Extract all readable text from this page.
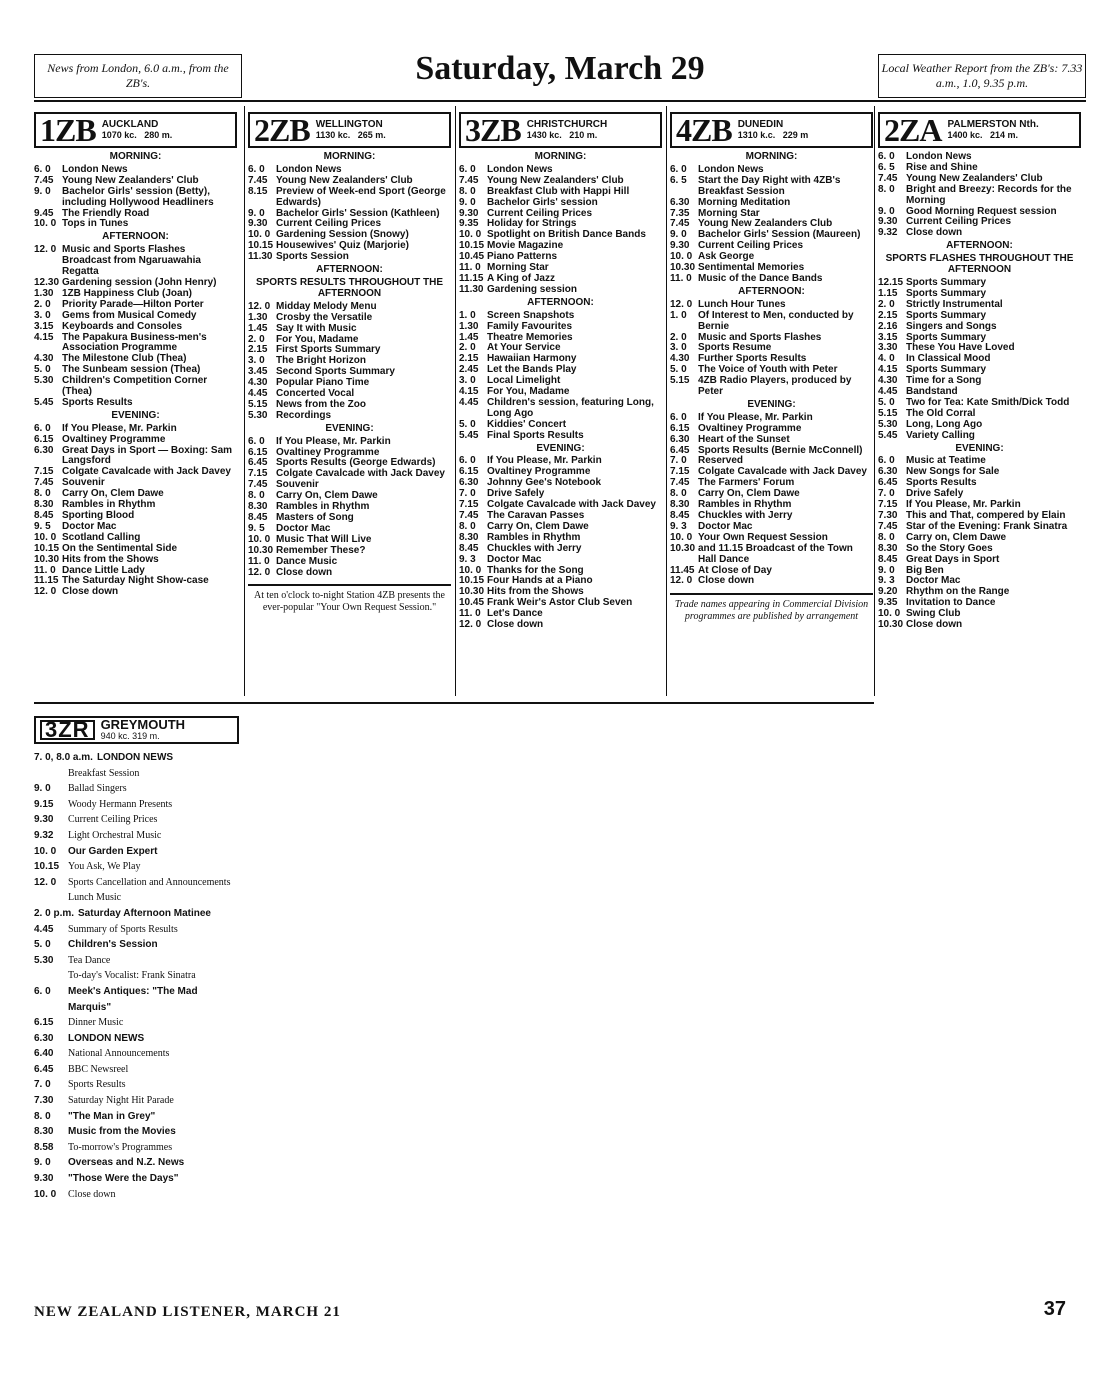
News from London, 6.0 a.m., from the ZB's.	Saturday, March 29	Local Weather Report from the ZB's: 7.33 a.m., 1.0, 9.35 p.m.
1ZB AUCKLAND
1070 kc. 280 m.
MORNING:
6. 0	London News
7.45 Young New Zealanders' Club
9. 0	Bachelor Girls' session (Betty), including Hollywood Headliners
9.45 The Friendly Road
10. 0 Tops in Tunes
AFTERNOON:
12. 0 Music and Sports Flashes Broadcast from Ngaruawahia Regatta
12.30 Gardening session (John Henry)
1.30 1ZB Happiness Club (Joan)
2. 0	Priority Parade—Hilton Porter
3. 0	Gems from Musical Comedy
3.15 Keyboards and Consoles
4.15 The Papakura Business-men's Association Programme
4.30 The Milestone Club (Thea)
5. 0	The Sunbeam session (Thea)
5.30 Children's Competition Corner (Thea)
5.45 Sports Results
EVENING:
6. 0	If You Please, Mr. Parkin
6.15 Ovaltiney Programme
6.30 Great Days in Sport — Boxing: Sam Langsford
7.15 Colgate Cavalcade with Jack Davey
7.45 Souvenir
8. 0	Carry On, Clem Dawe
8.30 Rambles in Rhythm
8.45 Sporting Blood
9. 5	Doctor Mac
10. 0 Scotland Calling
10.15 On the Sentimental Side
10.30 Hits from the Shows
11. 0 Dance Little Lady
11.15 The Saturday Night Show-case
12. 0 Close down
2ZB WELLINGTON
1130 kc. 265 m.
MORNING:
6. 0	London News
7.45 Young New Zealanders' Club
8.15 Preview of Week-end Sport (George Edwards)
9. 0	Bachelor Girls' Session (Kathleen)
9.30 Current Ceiling Prices
10. 0 Gardening Session (Snowy)
10.15 Housewives' Quiz (Marjorie)
11.30 Sports Session
AFTERNOON:
SPORTS RESULTS THROUGHOUT THE AFTERNOON
12. 0 Midday Melody Menu
1.30 Crosby the Versatile
1.45 Say It with Music
2. 0	For You, Madame
2.15 First Sports Summary
3. 0	The Bright Horizon
3.45 Second Sports Summary
4.30 Popular Piano Time
4.45 Concerted Vocal
5.15 News from the Zoo
5.30 Recordings
EVENING:
6. 0	If You Please, Mr. Parkin
6.15 Ovaltiney Programme
6.45 Sports Results (George Edwards)
7.15 Colgate Cavalcade with Jack Davey
7.45 Souvenir
8. 0	Carry On, Clem Dawe
8.30 Rambles in Rhythm
8.45 Masters of Song
9. 5	Doctor Mac
10. 0 Music That Will Live
10.30 Remember These?
11. 0 Dance Music
12. 0 Close down
At ten o'clock to-night Station 4ZB presents the ever-popular "Your Own Request Session."
3ZB CHRISTCHURCH
1430 kc. 210 m.
MORNING:
6. 0	London News
7.45 Young New Zealanders' Club
8. 0	Breakfast Club with Happi Hill
9. 0	Bachelor Girls' session
9.30 Current Ceiling Prices
9.35 Holiday for Strings
10. 0 Spotlight on British Dance Bands
10.15 Movie Magazine
10.45 Piano Patterns
11. 0 Morning Star
11.15 A King of Jazz
11.30 Gardening session
AFTERNOON:
1. 0	Screen Snapshots
1.30 Family Favourites
1.45 Theatre Memories
2. 0	At Your Service
2.15 Hawaiian Harmony
2.45 Let the Bands Play
3. 0	Local Limelight
4.15 For You, Madame
4.45 Children's session, featuring Long, Long Ago
5. 0	Kiddies' Concert
5.45 Final Sports Results
EVENING:
6. 0	If You Please, Mr. Parkin
6.15 Ovaltiney Programme
6.30 Johnny Gee's Notebook
7. 0	Drive Safely
7.15 Colgate Cavalcade with Jack Davey
7.45 The Caravan Passes
8. 0	Carry On, Clem Dawe
8.30 Rambles in Rhythm
8.45 Chuckles with Jerry
9. 3	Doctor Mac
10. 0 Thanks for the Song
10.15 Four Hands at a Piano
10.30 Hits from the Shows
10.45 Frank Weir's Astor Club Seven
11. 0 Let's Dance
12. 0 Close down
4ZB DUNEDIN
1310 k.c. 229 m
MORNING:
6. 0	London News
6. 5	Start the Day Right with 4ZB's Breakfast Session
6.30 Morning Meditation
7.35 Morning Star
7.45 Young New Zealanders Club
9. 0	Bachelor Girls' Session (Maureen)
9.30 Current Ceiling Prices
10. 0 Ask George
10.30 Sentimental Memories
11. 0 Music of the Dance Bands
AFTERNOON:
12. 0 Lunch Hour Tunes
1. 0	Of Interest to Men, conducted by Bernie
2. 0	Music and Sports Flashes
3. 0	Sports Resume
4.30 Further Sports Results
5. 0	The Voice of Youth with Peter
5.15 4ZB Radio Players, produced by Peter
EVENING:
6. 0	If You Please, Mr. Parkin
6.15 Ovaltiney Programme
6.30 Heart of the Sunset
6.45 Sports Results (Bernie McConnell)
7. 0	Reserved
7.15 Colgate Cavalcade with Jack Davey
7.45 The Farmers' Forum
8. 0	Carry On, Clem Dawe
8.30 Rambles in Rhythm
8.45 Chuckles with Jerry
9. 3	Doctor Mac
10. 0 Your Own Request Session
10.30 and 11.15 Broadcast of the Town Hall Dance
11.45 At Close of Day
12. 0 Close down
Trade names appearing in Commercial Division programmes are published by arrangement
2ZA PALMERSTON Nth.
1400 kc. 214 m.
6. 0	London News
6. 5	Rise and Shine
7.45 Young New Zealanders' Club
8. 0	Bright and Breezy: Records for the Morning
9. 0	Good Morning Request session
9.30 Current Ceiling Prices
9.32 Close down
AFTERNOON:
SPORTS FLASHES THROUGHOUT THE AFTERNOON
12.15 Sports Summary
1.15 Sports Summary
2. 0	Strictly Instrumental
2.15 Sports Summary
2.16 Singers and Songs
3.15 Sports Summary
3.30 These You Have Loved
4. 0	In Classical Mood
4.15 Sports Summary
4.30 Time for a Song
4.45 Bandstand
5. 0	Two for Tea: Kate Smith/Dick Todd
5.15 The Old Corral
5.30 Long, Long Ago
5.45 Variety Calling
EVENING:
6. 0	Music at Teatime
6.30 New Songs for Sale
6.45 Sports Results
7. 0	Drive Safely
7.15 If You Please, Mr. Parkin
7.30 This and That, compered by Elain
7.45 Star of the Evening: Frank Sinatra
8. 0	Carry on, Clem Dawe
8.30 So the Story Goes
8.45 Great Days in Sport
9. 0	Big Ben
9. 3	Doctor Mac
9.20 Rhythm on the Range
9.35 Invitation to Dance
10. 0 Swing Club
10.30 Close down
3ZR GREYMOUTH
940 kc. 319 m.
7. 0, 8.0 a.m. LONDON NEWS
Breakfast Session
9. 0	Ballad Singers
9.15	Woody Hermann Presents
9.30	Current Ceiling Prices
9.32	Light Orchestral Music
10. 0	Our Garden Expert
10.15 You Ask, We Play
12. 0	Sports Cancellation and Announcements
Lunch Music
2. 0 p.m. Saturday Afternoon Matinee
4.45	Summary of Sports Results
5. 0	Children's Session
5.30	Tea Dance
To-day's Vocalist: Frank Sinatra
6. 0	Meek's Antiques: "The Mad Marquis"
6.15	Dinner Music
6.30	LONDON NEWS
6.40	National Announcements
6.45	BBC Newsreel
7. 0	Sports Results
7.30	Saturday Night Hit Parade
8. 0	"The Man in Grey"
8.30	Music from the Movies
8.58	To-morrow's Programmes
9. 0	Overseas and N.Z. News
9.30	"Those Were the Days"
10. 0	Close down
NEW ZEALAND LISTENER, MARCH 21	37
